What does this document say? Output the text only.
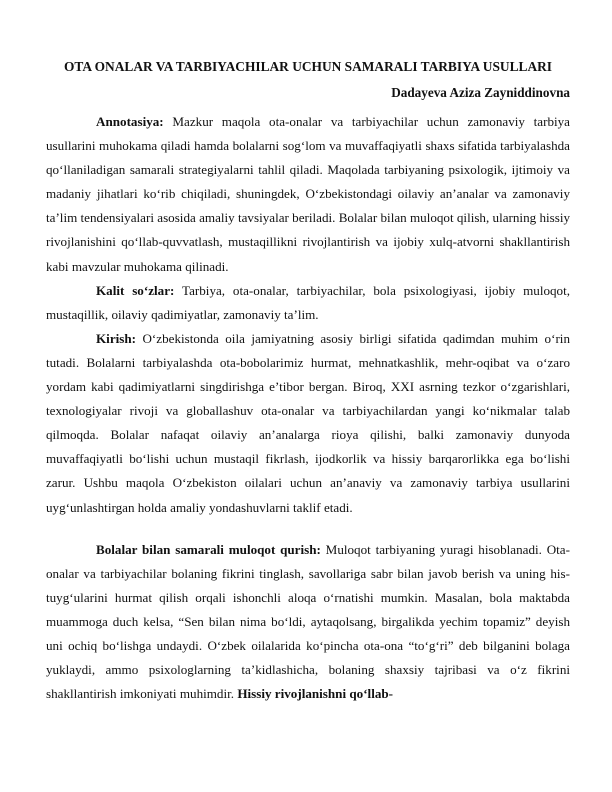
OTA ONALAR VA TARBIYACHILAR UCHUN SAMARALI TARBIYA USULLARI
Dadayeva Aziza Zayniddinovna

Annotasiya: Mazkur maqola ota-onalar va tarbiyachilar uchun zamonaviy tarbiya usullarini muhokama qiladi hamda bolalarni sog‘lom va muvaffaqiyatli shaxs sifatida tarbiyalashda qo‘llaniladigan samarali strategiyalarni tahlil qiladi. Maqolada tarbiyaning psixologik, ijtimoiy va madaniy jihatlari ko‘rib chiqiladi, shuningdek, O‘zbekistondagi oilaviy an’analar va zamonaviy ta’lim tendensiyalari asosida amaliy tavsiyalar beriladi. Bolalar bilan muloqot qilish, ularning hissiy rivojlanishini qo‘llab-quvvatlash, mustaqillikni rivojlantirish va ijobiy xulq-atvorni shakllantirish kabi mavzular muhokama qilinadi.

Kalit so‘zlar: Tarbiya, ota-onalar, tarbiyachilar, bola psixologiyasi, ijobiy muloqot, mustaqillik, oilaviy qadimiyatlar, zamonaviy ta’lim.

Kirish: O‘zbekistonda oila jamiyatning asosiy birligi sifatida qadimdan muhim o‘rin tutadi. Bolalarni tarbiyalashda ota-bobolarimiz hurmat, mehnatkashlik, mehr-oqibat va o‘zaro yordam kabi qadimiyatlarni singdirishga e’tibor bergan. Biroq, XXI asrning tezkor o‘zgarishlari, texnologiyalar rivoji va globallashuv ota-onalar va tarbiyachilardan yangi ko‘nikmalar talab qilmoqda. Bolalar nafaqat oilaviy an’analarga rioya qilishi, balki zamonaviy dunyoda muvaffaqiyatli bo‘lishi uchun mustaqil fikrlash, ijodkorlik va hissiy barqarorlikka ega bo‘lishi zarur. Ushbu maqola O‘zbekiston oilalari uchun an’anaviy va zamonaviy tarbiya usullarini uyg‘unlashtirgan holda amaliy yondashuvlarni taklif etadi.

Bolalar bilan samarali muloqot qurish: Muloqot tarbiyaning yuragi hisoblanadi. Ota-onalar va tarbiyachilar bolaning fikrini tinglash, savollariga sabr bilan javob berish va uning his-tuyg‘ularini hurmat qilish orqali ishonchli aloqa o‘rnatishi mumkin. Masalan, bola maktabda muammoga duch kelsa, “Sen bilan nima bo‘ldi, aytaqolsang, birgalikda yechim topamiz” deyish uni ochiq bo‘lishga undaydi. O‘zbek oilalarida ko‘pincha ota-ona “to‘g‘ri” deb bilganini bolaga yuklaydi, ammo psixologlarning ta’kidlashicha, bolaning shaxsiy tajribasi va o‘z fikrini shakllantirish imkoniyati muhimdir. Hissiy rivojlanishni qo‘llab-
